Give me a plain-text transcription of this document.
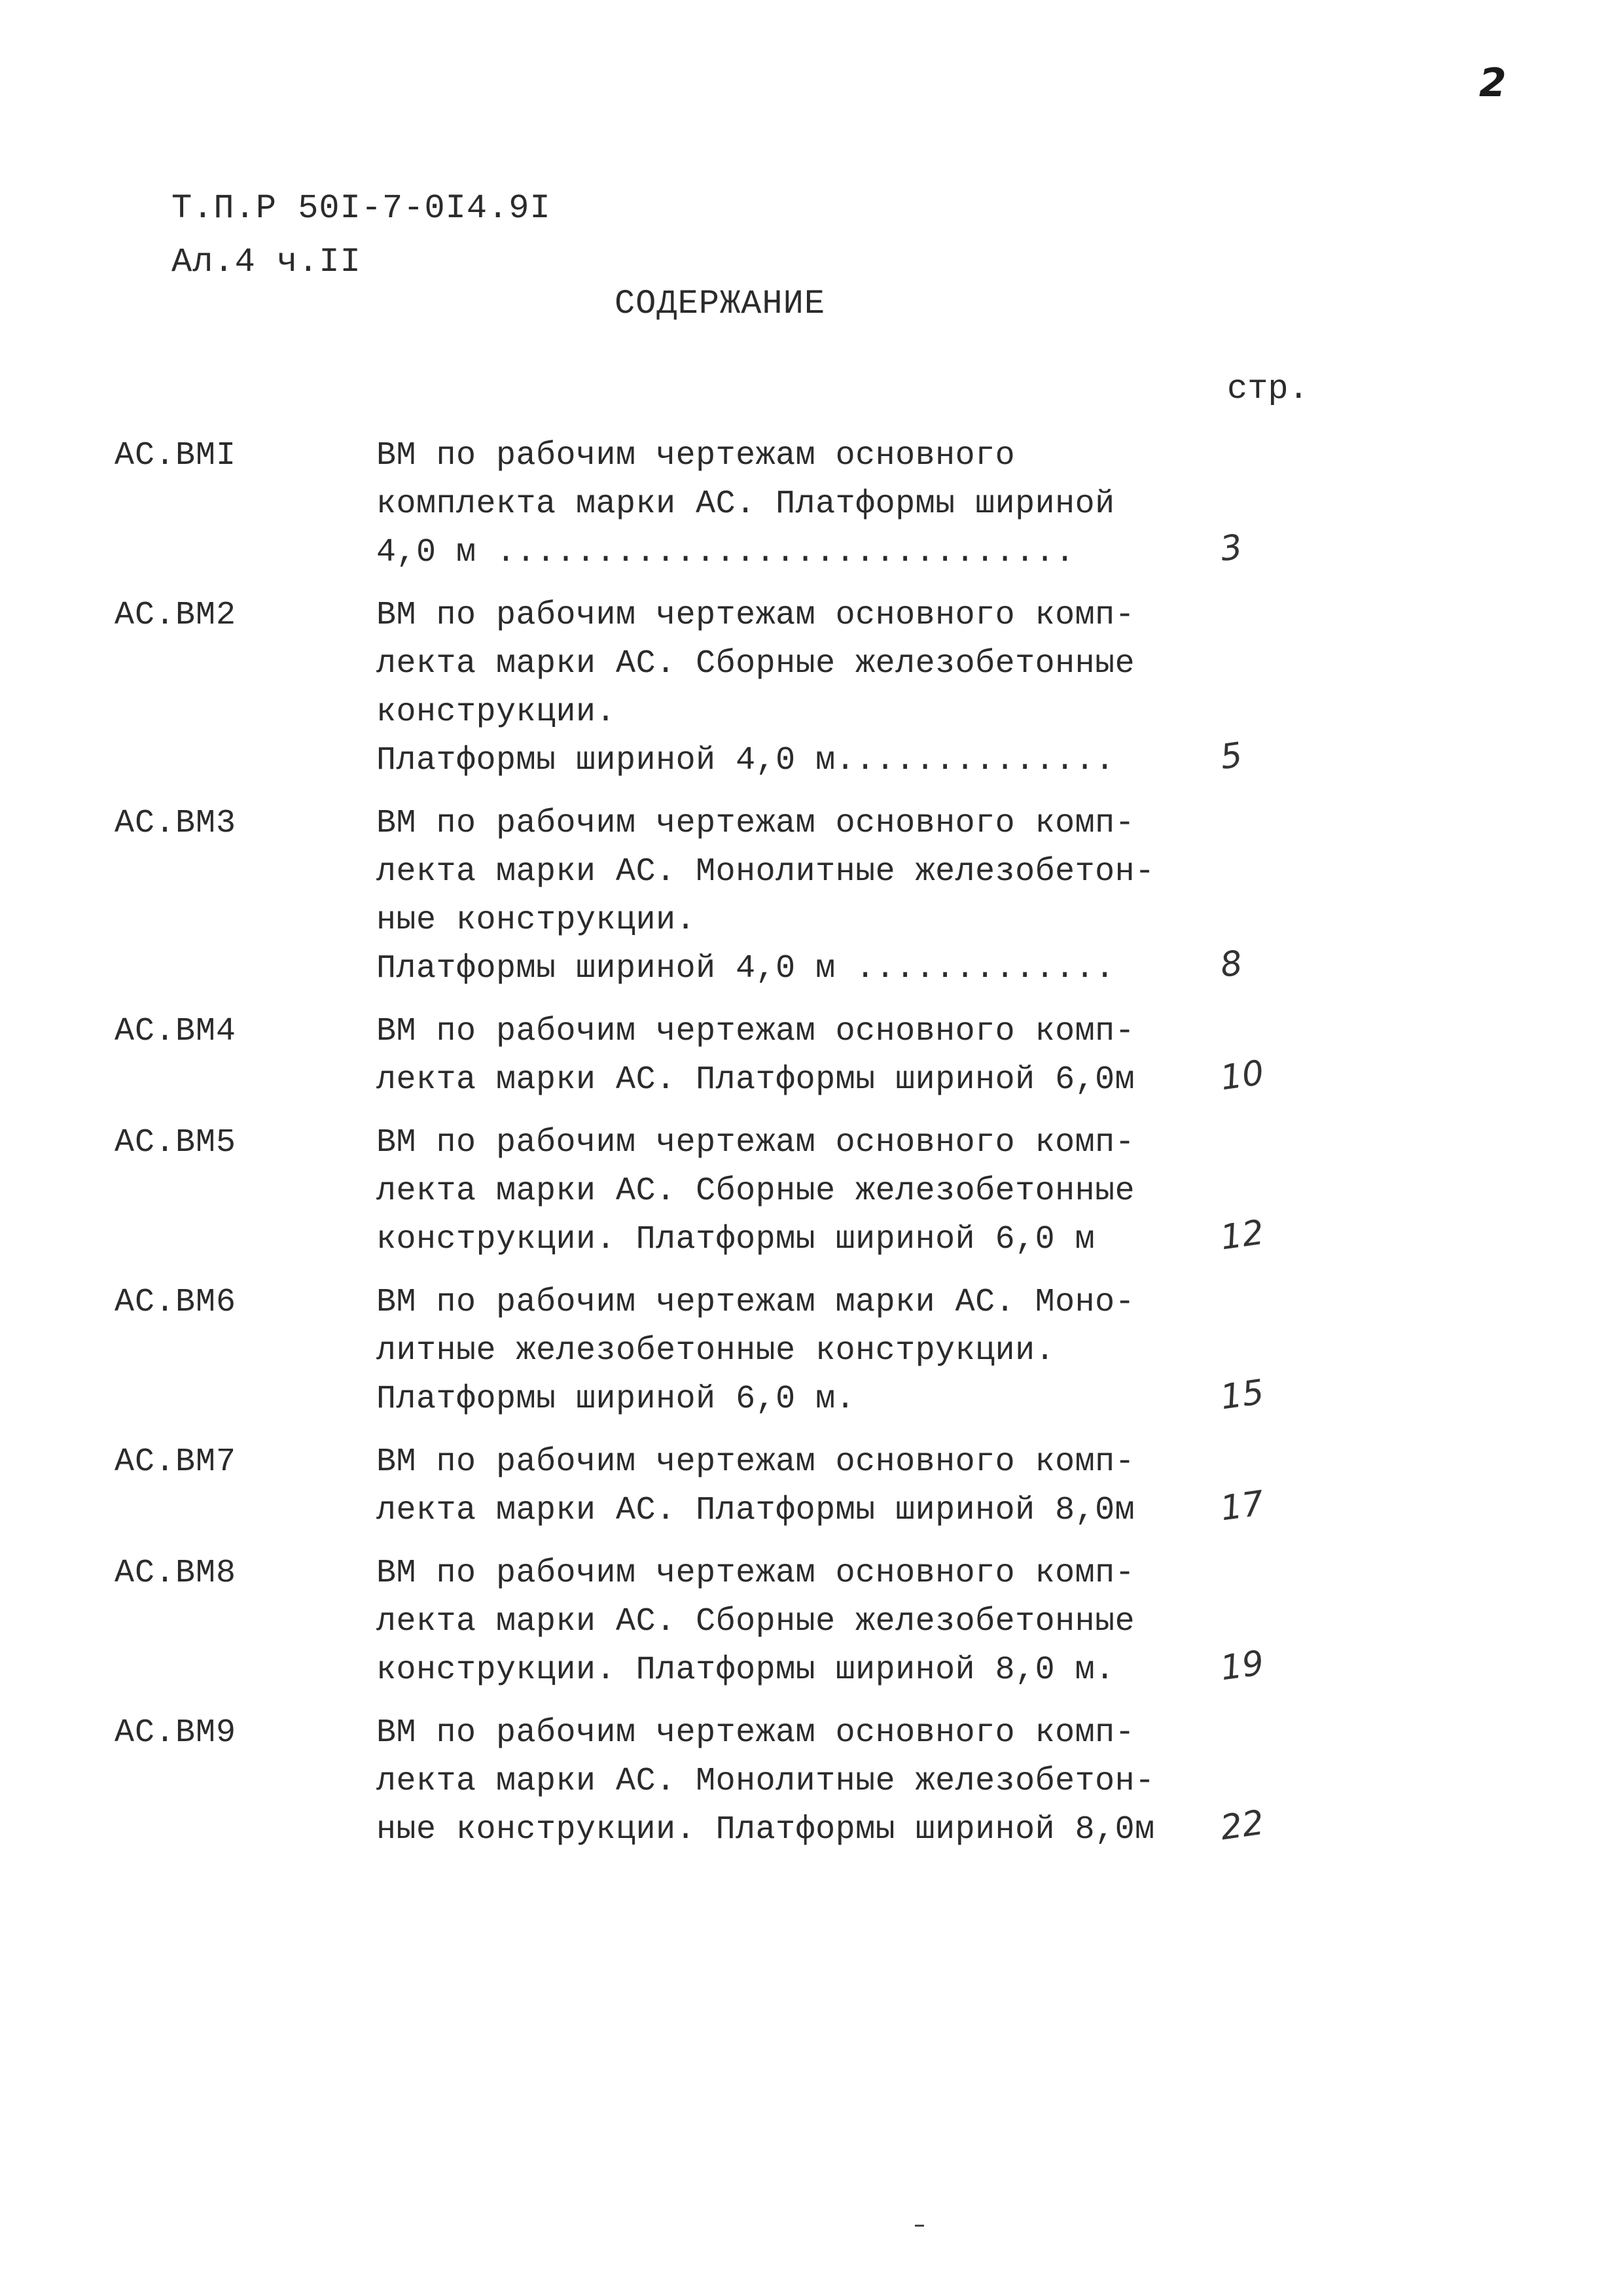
2
Т.П.Р 50I-7-0I4.9I
Ал.4 ч.II
СОДЕРЖАНИЕ
стр.
АС.ВМI	ВМ по рабочим чертежам основного
комплекта марки АС. Платформы шириной
4,0 м .............................	3
АС.ВМ2	ВМ по рабочим чертежам основного комп-
лекта марки АС. Сборные железобетонные
конструкции.
Платформы шириной 4,0 м..............	5
АС.ВМ3	ВМ по рабочим чертежам основного комп-
лекта марки АС. Монолитные железобетон-
ные конструкции.
Платформы шириной 4,0 м .............	8
АС.ВМ4	ВМ по рабочим чертежам основного комп-
лекта марки АС. Платформы шириной 6,0м	10
АС.ВМ5	ВМ по рабочим чертежам основного комп-
лекта марки АС. Сборные железобетонные
конструкции. Платформы шириной 6,0 м	12
АС.ВМ6	ВМ по рабочим чертежам марки АС. Моно-
литные железобетонные конструкции.
Платформы шириной 6,0 м.	15
АС.ВМ7	ВМ по рабочим чертежам основного комп-
лекта марки АС. Платформы шириной 8,0м	17
АС.ВМ8	ВМ по рабочим чертежам основного комп-
лекта марки АС. Сборные железобетонные
конструкции. Платформы шириной 8,0 м.	19
АС.ВМ9	ВМ по рабочим чертежам основного комп-
лекта марки АС. Монолитные железобетон-
ные конструкции. Платформы шириной 8,0м	22
